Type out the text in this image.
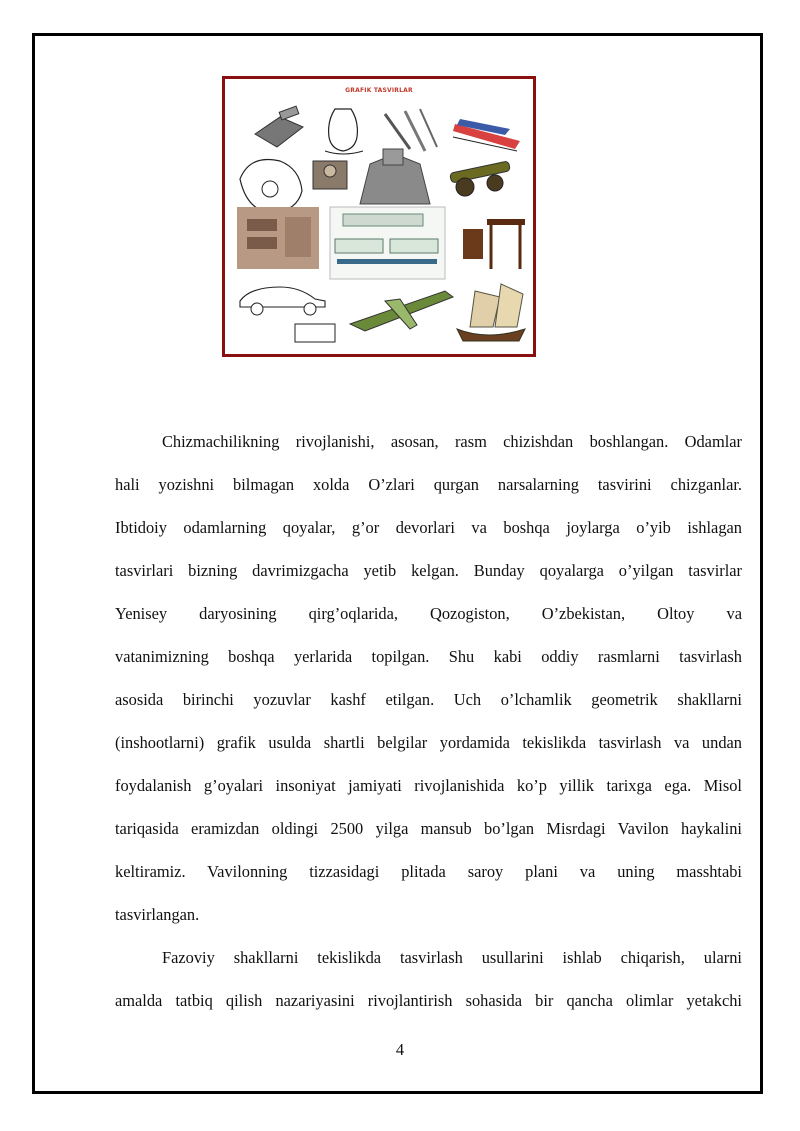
GRAFIK TASVIRLAR
Chizmachilikning rivojlanishi, asosan, rasm chizishdan boshlangan. Odamlar
hali yozishni bilmagan xolda O’zlari qurgan narsalarning tasvirini chizganlar.
Ibtidoiy odamlarning qoyalar, g’or devorlari va boshqa joylarga o’yib ishlagan
tasvirlari bizning davrimizgacha yetib kelgan. Bunday qoyalarga o’yilgan tasvirlar
Yenisey daryosining qirg’oqlarida, Qozogiston, O’zbekistan, Oltoy va
vatanimizning boshqa yerlarida topilgan. Shu kabi oddiy rasmlarni tasvirlash
asosida birinchi yozuvlar kashf etilgan. Uch o’lchamlik geometrik shakllarni
(inshootlarni) grafik usulda shartli belgilar yordamida tekislikda tasvirlash va undan
foydalanish g’oyalari insoniyat jamiyati rivojlanishida ko’p yillik tarixga ega. Misol
tariqasida eramizdan oldingi 2500 yilga mansub bo’lgan Misrdagi Vavilon haykalini
keltiramiz. Vavilonning tizzasidagi plitada saroy plani va uning masshtabi
tasvirlangan.
Fazoviy shakllarni tekislikda tasvirlash usullarini ishlab chiqarish, ularni
amalda tatbiq qilish nazariyasini rivojlantirish sohasida bir qancha olimlar yetakchi
4
